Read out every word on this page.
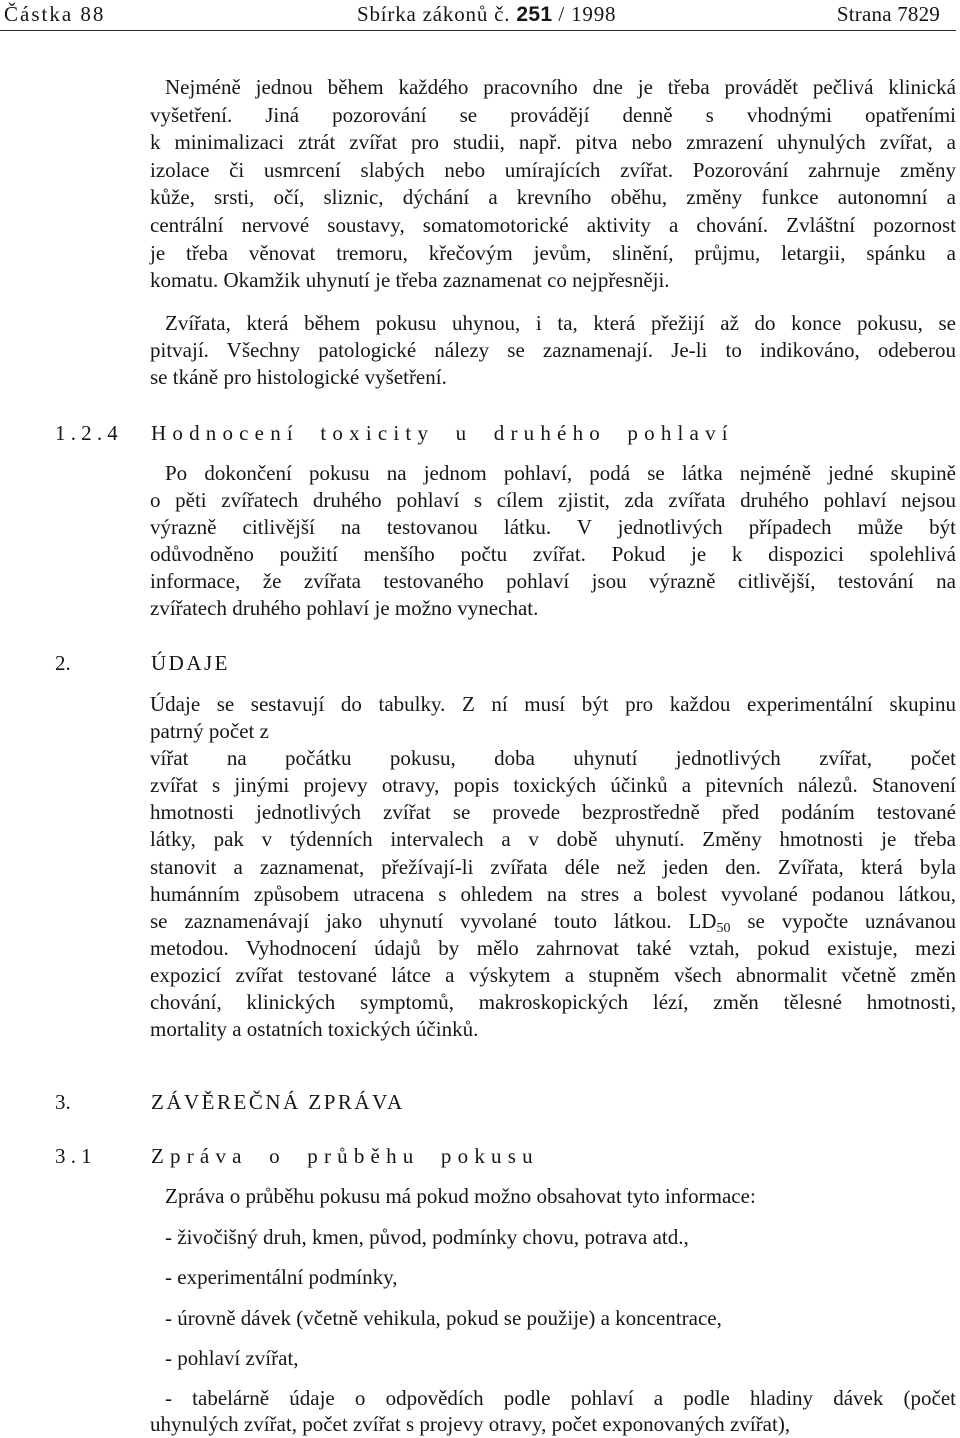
Částka 88	Sbírka zákonů č. 251 / 1998	Strana 7829
Nejméně jednou během každého pracovního dne je třeba provádět pečlivá klinická
vyšetření. Jiná pozorování se provádějí denně s vhodnými opatřeními
k minimalizaci ztrát zvířat pro studii, např. pitva nebo zmrazení uhynulých zvířat, a
izolace či usmrcení slabých nebo umírajících zvířat. Pozorování zahrnuje změny
kůže, srsti, očí, sliznic, dýchání a krevního oběhu, změny funkce autonomní a
centrální nervové soustavy, somatomotorické aktivity a chování. Zvláštní pozornost
je třeba věnovat tremoru, křečovým jevům, slinění, průjmu, letargii, spánku a
komatu. Okamžik uhynutí je třeba zaznamenat co nejpřesněji.
Zvířata, která během pokusu uhynou, i ta, která přežijí až do konce pokusu, se
pitvají. Všechny patologické nálezy se zaznamenají. Je-li to indikováno, odeberou
se tkáně pro histologické vyšetření.
1.2.4 Hodnocení toxicity u druhého pohlaví
Po dokončení pokusu na jednom pohlaví, podá se látka nejméně jedné skupině
o pěti zvířatech druhého pohlaví s cílem zjistit, zda zvířata druhého pohlaví nejsou
výrazně citlivější na testovanou látku. V jednotlivých případech může být
odůvodněno použití menšího počtu zvířat. Pokud je k dispozici spolehlivá
informace, že zvířata testovaného pohlaví jsou výrazně citlivější, testování na
zvířatech druhého pohlaví je možno vynechat.
2.	ÚDAJE
Údaje se sestavují do tabulky. Z ní musí být pro každou experimentální skupinu
patrný počet z
vířat na počátku pokusu, doba uhynutí jednotlivých zvířat, počet
zvířat s jinými projevy otravy, popis toxických účinků a pitevních nálezů. Stanovení
hmotnosti jednotlivých zvířat se provede bezprostředně před podáním testované
látky, pak v týdenních intervalech a v době uhynutí. Změny hmotnosti je třeba
stanovit a zaznamenat, přežívají-li zvířata déle než jeden den. Zvířata, která byla
humánním způsobem utracena s ohledem na stres a bolest vyvolané podanou látkou,
se zaznamenávají jako uhynutí vyvolané touto látkou. $LD_{50}$ se vypočte uznávanou
metodou. Vyhodnocení údajů by mělo zahrnovat také vztah, pokud existuje, mezi
expozicí zvířat testované látce a výskytem a stupněm všech abnormalit včetně změn
chování, klinických symptomů, makroskopických lézí, změn tělesné hmotnosti,
mortality a ostatních toxických účinků.
3.	ZÁVĚREČNÁ ZPRÁVA
3.1	Zpráva o průběhu pokusu
Zpráva o průběhu pokusu má pokud možno obsahovat tyto informace:
- živočišný druh, kmen, původ, podmínky chovu, potrava atd.,
- experimentální podmínky,
- úrovně dávek (včetně vehikula, pokud se použije) a koncentrace,
- pohlaví zvířat,
- tabelárně údaje o odpovědích podle pohlaví a podle hladiny dávek (počet
uhynulých zvířat, počet zvířat s projevy otravy, počet exponovaných zvířat),
